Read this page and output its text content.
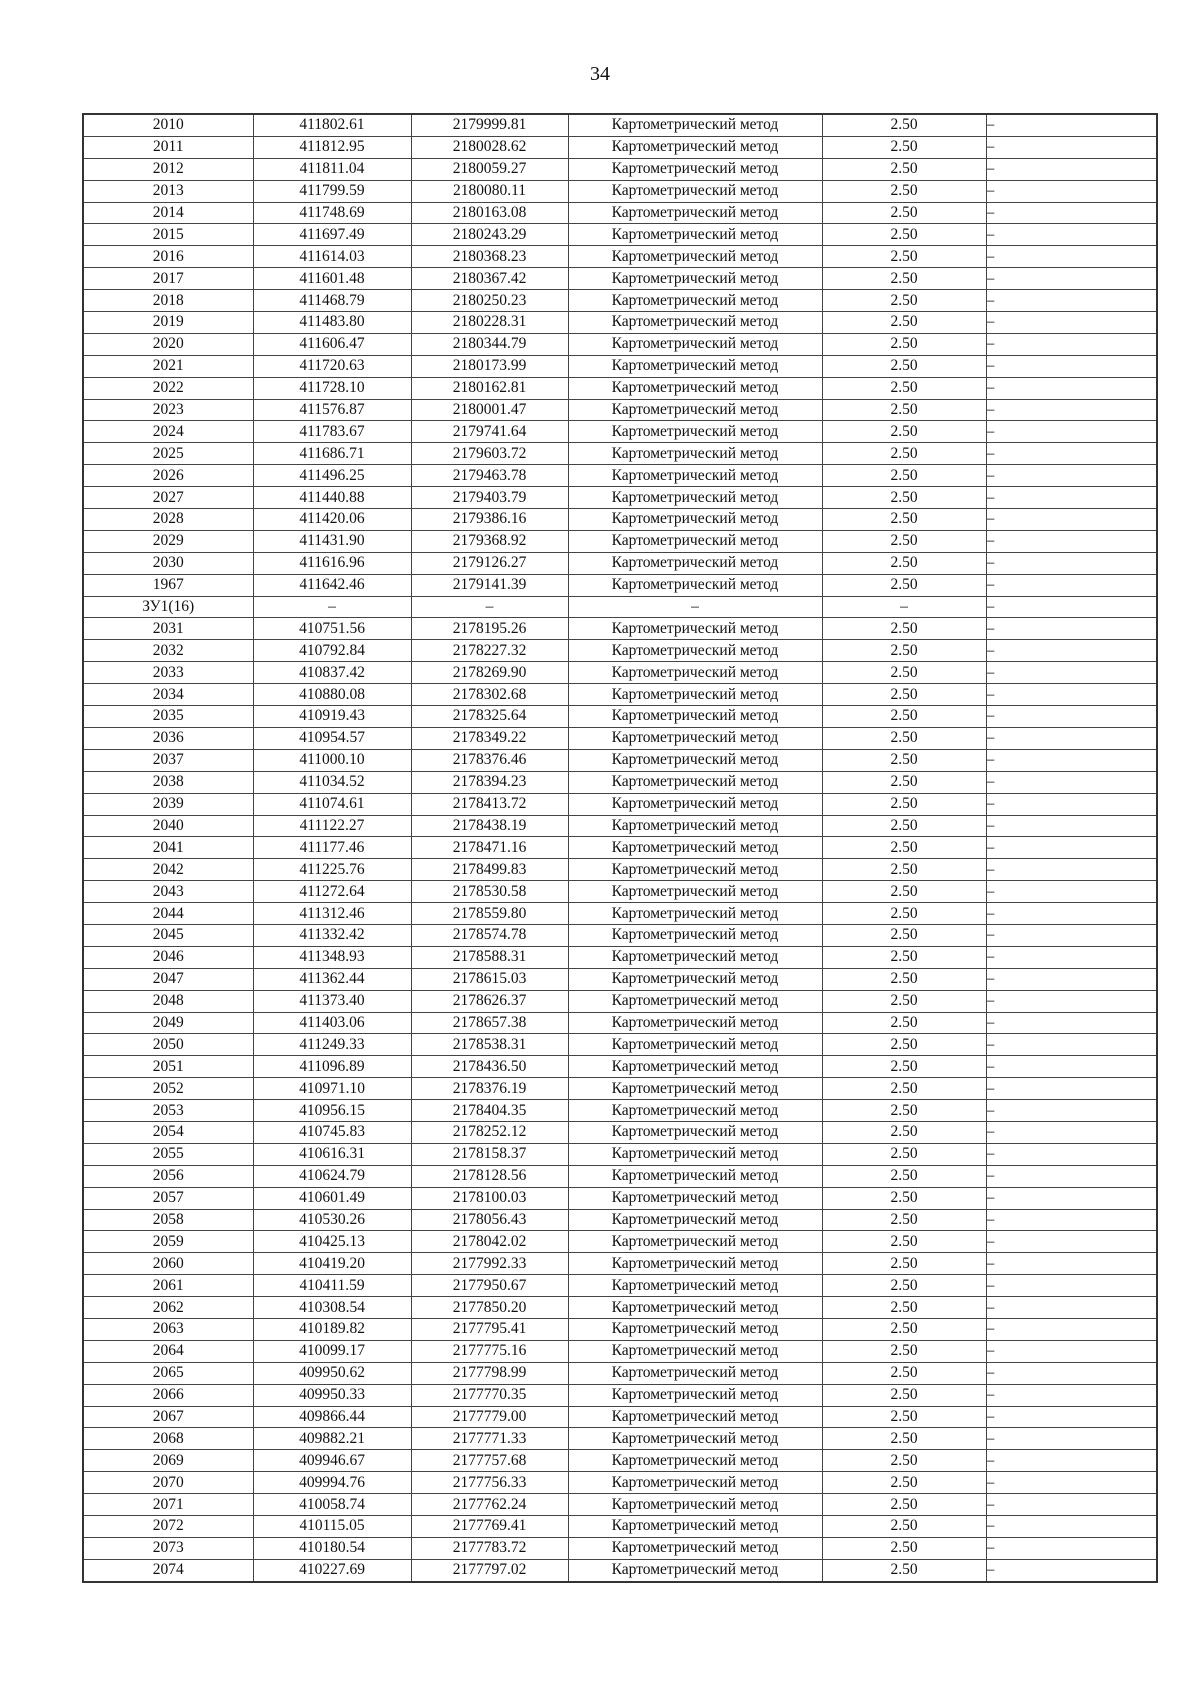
34
2010	411802.61	2179999.81	Картометрический метод	2.50	–
2011	411812.95	2180028.62	Картометрический метод	2.50	–
2012	411811.04	2180059.27	Картометрический метод	2.50	–
2013	411799.59	2180080.11	Картометрический метод	2.50	–
2014	411748.69	2180163.08	Картометрический метод	2.50	–
2015	411697.49	2180243.29	Картометрический метод	2.50	–
2016	411614.03	2180368.23	Картометрический метод	2.50	–
2017	411601.48	2180367.42	Картометрический метод	2.50	–
2018	411468.79	2180250.23	Картометрический метод	2.50	–
2019	411483.80	2180228.31	Картометрический метод	2.50	–
2020	411606.47	2180344.79	Картометрический метод	2.50	–
2021	411720.63	2180173.99	Картометрический метод	2.50	–
2022	411728.10	2180162.81	Картометрический метод	2.50	–
2023	411576.87	2180001.47	Картометрический метод	2.50	–
2024	411783.67	2179741.64	Картометрический метод	2.50	–
2025	411686.71	2179603.72	Картометрический метод	2.50	–
2026	411496.25	2179463.78	Картометрический метод	2.50	–
2027	411440.88	2179403.79	Картометрический метод	2.50	–
2028	411420.06	2179386.16	Картометрический метод	2.50	–
2029	411431.90	2179368.92	Картометрический метод	2.50	–
2030	411616.96	2179126.27	Картометрический метод	2.50	–
1967	411642.46	2179141.39	Картометрический метод	2.50	–
ЗУ1(16)	–	–	–	–	–
2031	410751.56	2178195.26	Картометрический метод	2.50	–
2032	410792.84	2178227.32	Картометрический метод	2.50	–
2033	410837.42	2178269.90	Картометрический метод	2.50	–
2034	410880.08	2178302.68	Картометрический метод	2.50	–
2035	410919.43	2178325.64	Картометрический метод	2.50	–
2036	410954.57	2178349.22	Картометрический метод	2.50	–
2037	411000.10	2178376.46	Картометрический метод	2.50	–
2038	411034.52	2178394.23	Картометрический метод	2.50	–
2039	411074.61	2178413.72	Картометрический метод	2.50	–
2040	411122.27	2178438.19	Картометрический метод	2.50	–
2041	411177.46	2178471.16	Картометрический метод	2.50	–
2042	411225.76	2178499.83	Картометрический метод	2.50	–
2043	411272.64	2178530.58	Картометрический метод	2.50	–
2044	411312.46	2178559.80	Картометрический метод	2.50	–
2045	411332.42	2178574.78	Картометрический метод	2.50	–
2046	411348.93	2178588.31	Картометрический метод	2.50	–
2047	411362.44	2178615.03	Картометрический метод	2.50	–
2048	411373.40	2178626.37	Картометрический метод	2.50	–
2049	411403.06	2178657.38	Картометрический метод	2.50	–
2050	411249.33	2178538.31	Картометрический метод	2.50	–
2051	411096.89	2178436.50	Картометрический метод	2.50	–
2052	410971.10	2178376.19	Картометрический метод	2.50	–
2053	410956.15	2178404.35	Картометрический метод	2.50	–
2054	410745.83	2178252.12	Картометрический метод	2.50	–
2055	410616.31	2178158.37	Картометрический метод	2.50	–
2056	410624.79	2178128.56	Картометрический метод	2.50	–
2057	410601.49	2178100.03	Картометрический метод	2.50	–
2058	410530.26	2178056.43	Картометрический метод	2.50	–
2059	410425.13	2178042.02	Картометрический метод	2.50	–
2060	410419.20	2177992.33	Картометрический метод	2.50	–
2061	410411.59	2177950.67	Картометрический метод	2.50	–
2062	410308.54	2177850.20	Картометрический метод	2.50	–
2063	410189.82	2177795.41	Картометрический метод	2.50	–
2064	410099.17	2177775.16	Картометрический метод	2.50	–
2065	409950.62	2177798.99	Картометрический метод	2.50	–
2066	409950.33	2177770.35	Картометрический метод	2.50	–
2067	409866.44	2177779.00	Картометрический метод	2.50	–
2068	409882.21	2177771.33	Картометрический метод	2.50	–
2069	409946.67	2177757.68	Картометрический метод	2.50	–
2070	409994.76	2177756.33	Картометрический метод	2.50	–
2071	410058.74	2177762.24	Картометрический метод	2.50	–
2072	410115.05	2177769.41	Картометрический метод	2.50	–
2073	410180.54	2177783.72	Картометрический метод	2.50	–
2074	410227.69	2177797.02	Картометрический метод	2.50	–
